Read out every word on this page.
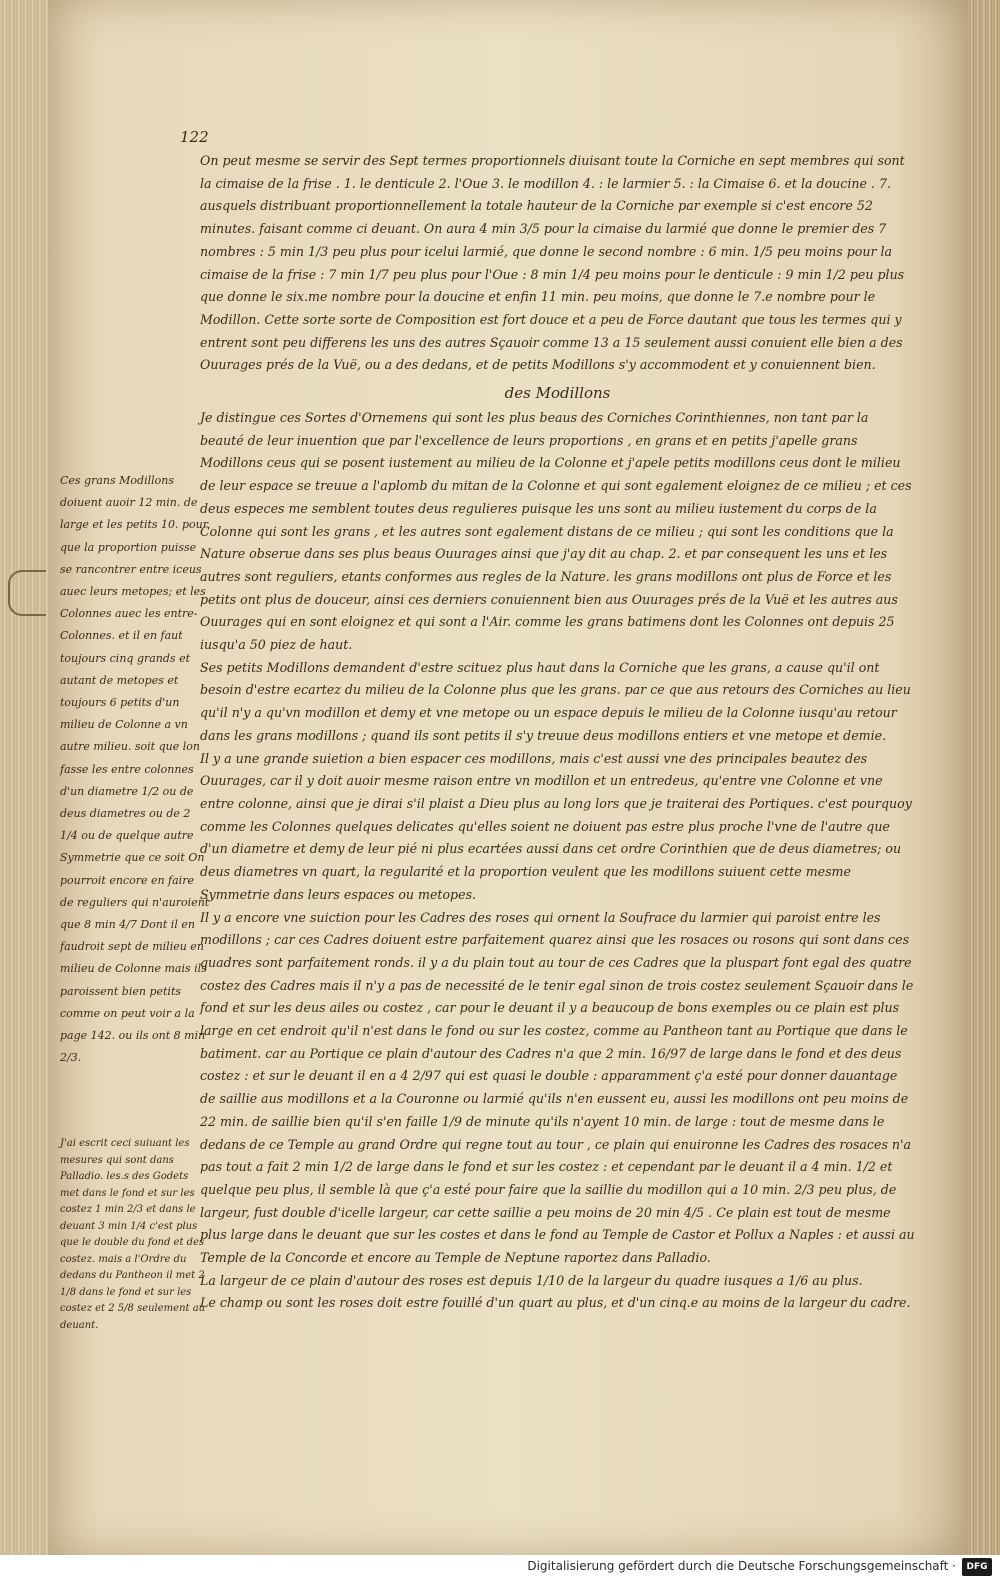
122

On peut mesme se servir des Sept termes proportionnels diuisant toute la Corniche en sept membres qui sont la cimaise de la frise . 1. le denticule 2. l'Oue 3. le modillon 4. : le larmier 5. : la Cimaise 6. et la doucine . 7. ausquels distribuant proportionnellement la totale hauteur de la Corniche par exemple si c'est encore 52 minutes. faisant comme ci deuant. On aura 4 min 3/5 pour la cimaise du larmié que donne le premier des 7 nombres : 5 min 1/3 peu plus pour icelui larmié, que donne le second nombre : 6 min. 1/5 peu moins pour la cimaise de la frise : 7 min 1/7 peu plus pour l'Oue : 8 min 1/4 peu moins pour le denticule : 9 min 1/2 peu plus que donne le six.me nombre pour la doucine et enfin 11 min. peu moins, que donne le 7.e nombre pour le Modillon. Cette sorte sorte de Composition est fort douce et a peu de Force dautant que tous les termes qui y entrent sont peu differens les uns des autres Sçauoir comme 13 a 15 seulement aussi conuient elle bien a des Ouurages prés de la Vuë, ou a des dedans, et de petits Modillons s'y accommodent et y conuiennent bien.

des Modillons

Je distingue ces Sortes d'Ornemens qui sont les plus beaus des Corniches Corinthiennes, non tant par la beauté de leur inuention que par l'excellence de leurs proportions , en grans et en petits j'apelle grans Modillons ceus qui se posent iustement au milieu de la Colonne et j'apele petits modillons ceus dont le milieu de leur espace se treuue a l'aplomb du mitan de la Colonne et qui sont egalement eloignez de ce milieu ; et ces deus especes me semblent toutes deus regulieres puisque les uns sont au milieu iustement du corps de la Colonne qui sont les grans , et les autres sont egalement distans de ce milieu ; qui sont les conditions que la Nature obserue dans ses plus beaus Ouurages ainsi que j'ay dit au chap. 2. et par consequent les uns et les autres sont reguliers, etants conformes aus regles de la Nature. les grans modillons ont plus de Force et les petits ont plus de douceur, ainsi ces derniers conuiennent bien aus Ouurages prés de la Vuë et les autres aus Ouurages qui en sont eloignez et qui sont a l'Air. comme les grans batimens dont les Colonnes ont depuis 25 iusqu'a 50 piez de haut.

Ses petits Modillons demandent d'estre scituez plus haut dans la Corniche que les grans, a cause qu'il ont besoin d'estre ecartez du milieu de la Colonne plus que les grans. par ce que aus retours des Corniches au lieu qu'il n'y a qu'vn modillon et demy et vne metope ou un espace depuis le milieu de la Colonne iusqu'au retour dans les grans modillons ; quand ils sont petits il s'y treuue deus modillons entiers et vne metope et demie.

Il y a une grande suietion a bien espacer ces modillons, mais c'est aussi vne des principales beautez des Ouurages, car il y doit auoir mesme raison entre vn modillon et un entredeus, qu'entre vne Colonne et vne entre colonne, ainsi que je dirai s'il plaist a Dieu plus au long lors que je traiterai des Portiques. c'est pourquoy comme les Colonnes quelques delicates qu'elles soient ne doiuent pas estre plus proche l'vne de l'autre que d'un diametre et demy de leur pié ni plus ecartées aussi dans cet ordre Corinthien que de deus diametres; ou deus diametres vn quart, la regularité et la proportion veulent que les modillons suiuent cette mesme Symmetrie dans leurs espaces ou metopes.

Il y a encore vne suiction pour les Cadres des roses qui ornent la Soufrace du larmier qui paroist entre les modillons ; car ces Cadres doiuent estre parfaitement quarez ainsi que les rosaces ou rosons qui sont dans ces quadres sont parfaitement ronds. il y a du plain tout au tour de ces Cadres que la pluspart font egal des quatre costez des Cadres mais il n'y a pas de necessité de le tenir egal sinon de trois costez seulement Sçauoir dans le fond et sur les deus ailes ou costez , car pour le deuant il y a beaucoup de bons exemples ou ce plain est plus large en cet endroit qu'il n'est dans le fond ou sur les costez, comme au Pantheon tant au Portique que dans le batiment. car au Portique ce plain d'autour des Cadres n'a que 2 min. 16/97 de large dans le fond et des deus costez : et sur le deuant il en a 4 2/97 qui est quasi le double : apparamment ç'a esté pour donner dauantage de saillie aus modillons et a la Couronne ou larmié qu'ils n'en eussent eu, aussi les modillons ont peu moins de 22 min. de saillie bien qu'il s'en faille 1/9 de minute qu'ils n'ayent 10 min. de large : tout de mesme dans le dedans de ce Temple au grand Ordre qui regne tout au tour , ce plain qui enuironne les Cadres des rosaces n'a pas tout a fait 2 min 1/2 de large dans le fond et sur les costez : et cependant par le deuant il a 4 min. 1/2 et quelque peu plus, il semble là que ç'a esté pour faire que la saillie du modillon qui a 10 min. 2/3 peu plus, de largeur, fust double d'icelle largeur, car cette saillie a peu moins de 20 min 4/5 . Ce plain est tout de mesme plus large dans le deuant que sur les costes et dans le fond au Temple de Castor et Pollux a Naples : et aussi au Temple de la Concorde et encore au Temple de Neptune raportez dans Palladio.

La largeur de ce plain d'autour des roses est depuis 1/10 de la largeur du quadre iusques a 1/6 au plus.

Le champ ou sont les roses doit estre fouillé d'un quart au plus, et d'un cinq.e au moins de la largeur du cadre.

Ces grans Modillons doiuent auoir 12 min. de large et les petits 10. pour que la proportion puisse se rancontrer entre iceus auec leurs metopes; et les Colonnes auec les entre-Colonnes. et il en faut toujours cinq grands et autant de metopes et toujours 6 petits d'un milieu de Colonne a vn autre milieu. soit que lon fasse les entre colonnes d'un diametre 1/2 ou de deus diametres ou de 2 1/4 ou de quelque autre Symmetrie que ce soit On pourroit encore en faire de reguliers qui n'auroient que 8 min 4/7 Dont il en faudroit sept de milieu en milieu de Colonne mais ils paroissent bien petits comme on peut voir a la page 142. ou ils ont 8 min 2/3.
J'ai escrit ceci suiuant les mesures qui sont dans Palladio. les.s des Godets met dans le fond et sur les costez 1 min 2/3 et dans le deuant 3 min 1/4 c'est plus que le double du fond et des costez. mais a l'Ordre du dedans du Pantheon il met 2 1/8 dans le fond et sur les costez et 2 5/8 seulement au deuant.
Digitalisierung gefördert durch die Deutsche Forschungsgemeinschaft ·	DFG
